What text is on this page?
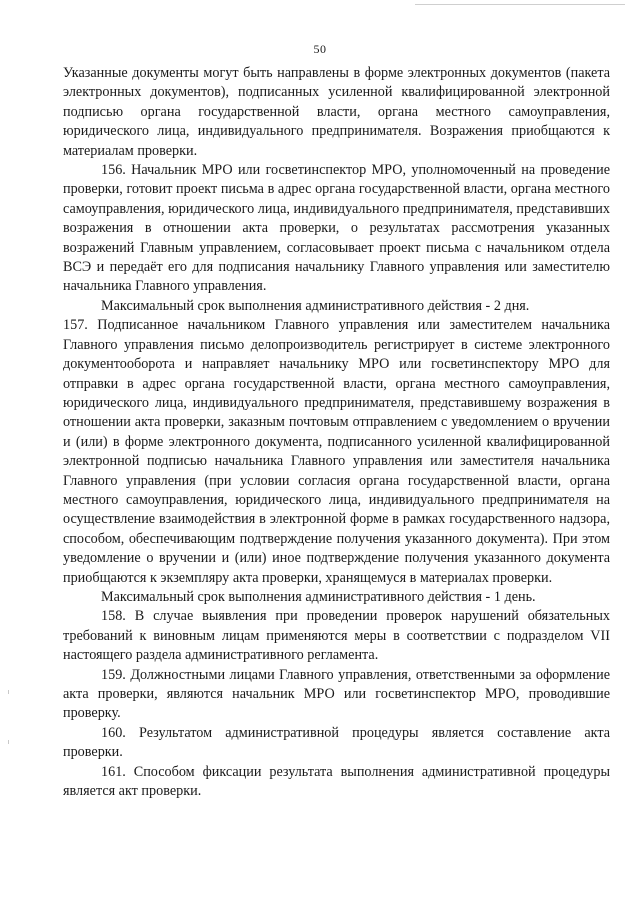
50

Указанные документы могут быть направлены в форме электронных документов (пакета электронных документов), подписанных усиленной квалифицированной электронной подписью органа государственной власти, органа местного самоуправления, юридического лица, индивидуального предпринимателя. Возражения приобщаются к материалам проверки.

156. Начальник МРО или госветинспектор МРО, уполномоченный на проведение проверки, готовит проект письма в адрес органа государственной власти, органа местного самоуправления, юридического лица, индивидуального предпринимателя, представивших возражения в отношении акта проверки, о результатах рассмотрения указанных возражений Главным управлением, согласовывает проект письма с начальником отдела ВСЭ и передаёт его для подписания начальнику Главного управления или заместителю начальника Главного управления.

Максимальный срок выполнения административного действия - 2 дня.

157. Подписанное начальником Главного управления или заместителем начальника Главного управления письмо делопроизводитель регистрирует в системе электронного документооборота и направляет начальнику МРО или госветинспектору МРО для отправки в адрес органа государственной власти, органа местного самоуправления, юридического лица, индивидуального предпринимателя, представившему возражения в отношении акта проверки, заказным почтовым отправлением с уведомлением о вручении и (или) в форме электронного документа, подписанного усиленной квалифицированной электронной подписью начальника Главного управления или заместителя начальника Главного управления (при условии согласия органа государственной власти, органа местного самоуправления, юридического лица, индивидуального предпринимателя на осуществление взаимодействия в электронной форме в рамках государственного надзора, способом, обеспечивающим подтверждение получения указанного документа). При этом уведомление о вручении и (или) иное подтверждение получения указанного документа приобщаются к экземпляру акта проверки, хранящемуся в материалах проверки.

Максимальный срок выполнения административного действия - 1 день.

158. В случае выявления при проведении проверок нарушений обязательных требований к виновным лицам применяются меры в соответствии с подразделом VII настоящего раздела административного регламента.

159. Должностными лицами Главного управления, ответственными за оформление акта проверки, являются начальник МРО или госветинспектор МРО, проводившие проверку.

160. Результатом административной процедуры является составление акта проверки.

161. Способом фиксации результата выполнения административной процедуры является акт проверки.
